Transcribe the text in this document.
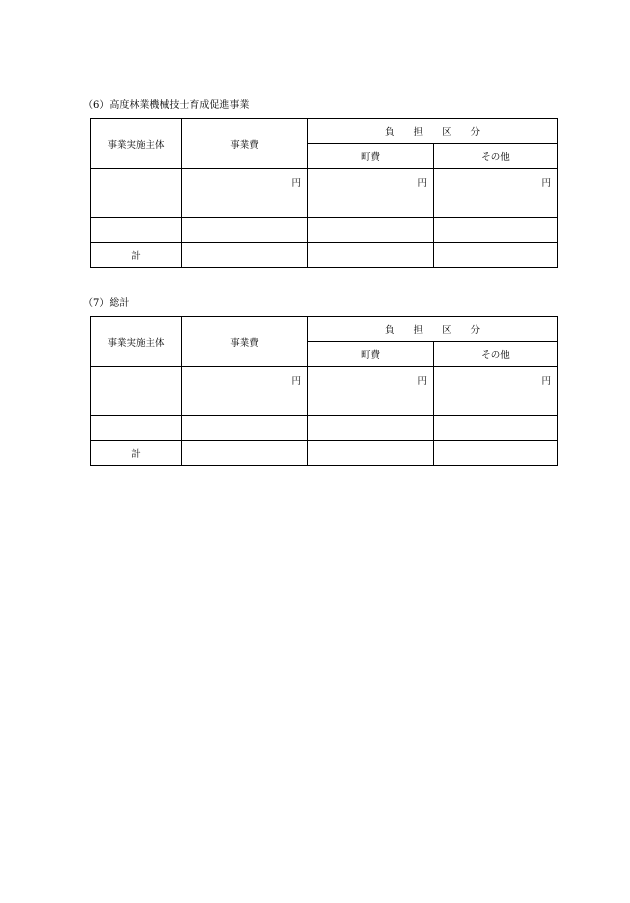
（6）高度林業機械技士育成促進事業
事業実施主体	事業費	負担区分	
		町費	その他
	円	円	円

計			
（7）総計
事業実施主体	事業費	負担区分	
		町費	その他
	円	円	円

計			
